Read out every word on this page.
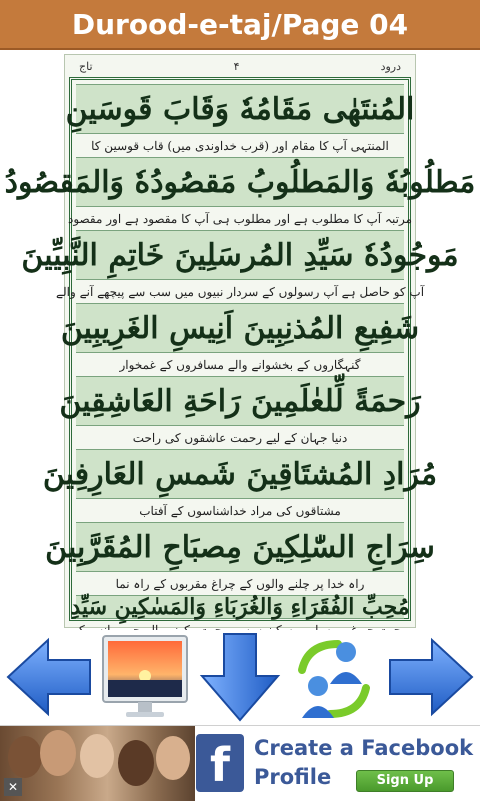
Durood-e-taj/Page 04
تاج	۴	درود
المُنتَهٰی مَقَامُهٗ وَقَابَ قَوسَینِ
المنتہی آپ کا مقام اور (قرب خداوندی میں) قاب قوسین کا
مَطلُوبُهٗ وَالمَطلُوبُ مَقصُودُهٗ وَالمَقصُودُ
مرتبہ آپ کا مطلوب ہے اور مطلوب ہی آپ کا مقصود ہے اور مقصود
مَوجُودُهٗ سَیِّدِ المُرسَلِینَ خَاتِمِ النَّبِیِّینَ
آپ کو حاصل ہے آپ رسولوں کے سردار نبیوں میں سب سے پیچھے آنے والے
شَفِیعِ المُذنِبِینَ اَنِیسِ الغَرِیبِینَ
گنہگاروں کے بخشوانے والے مسافروں کے غمخوار
رَحمَةً لِّلعٰلَمِینَ رَاحَةِ العَاشِقِینَ
دنیا جہان کے لیے رحمت عاشقوں کی راحت
مُرَادِ المُشتَاقِینَ شَمسِ العَارِفِینَ
مشتاقوں کی مراد خداشناسوں کے آفتاب
سِرَاجِ السّٰلِکِینَ مِصبَاحِ المُقَرَّبِینَ
راہ خدا پر چلنے والوں کے چراغ مقربوں کے راہ نما
مُحِبِّ الفُقَرَاءِ وَالغُرَبَاءِ وَالمَسٰکِینِ سَیِّدِ
✕	f	Create a Facebook Profile	Sign Up
